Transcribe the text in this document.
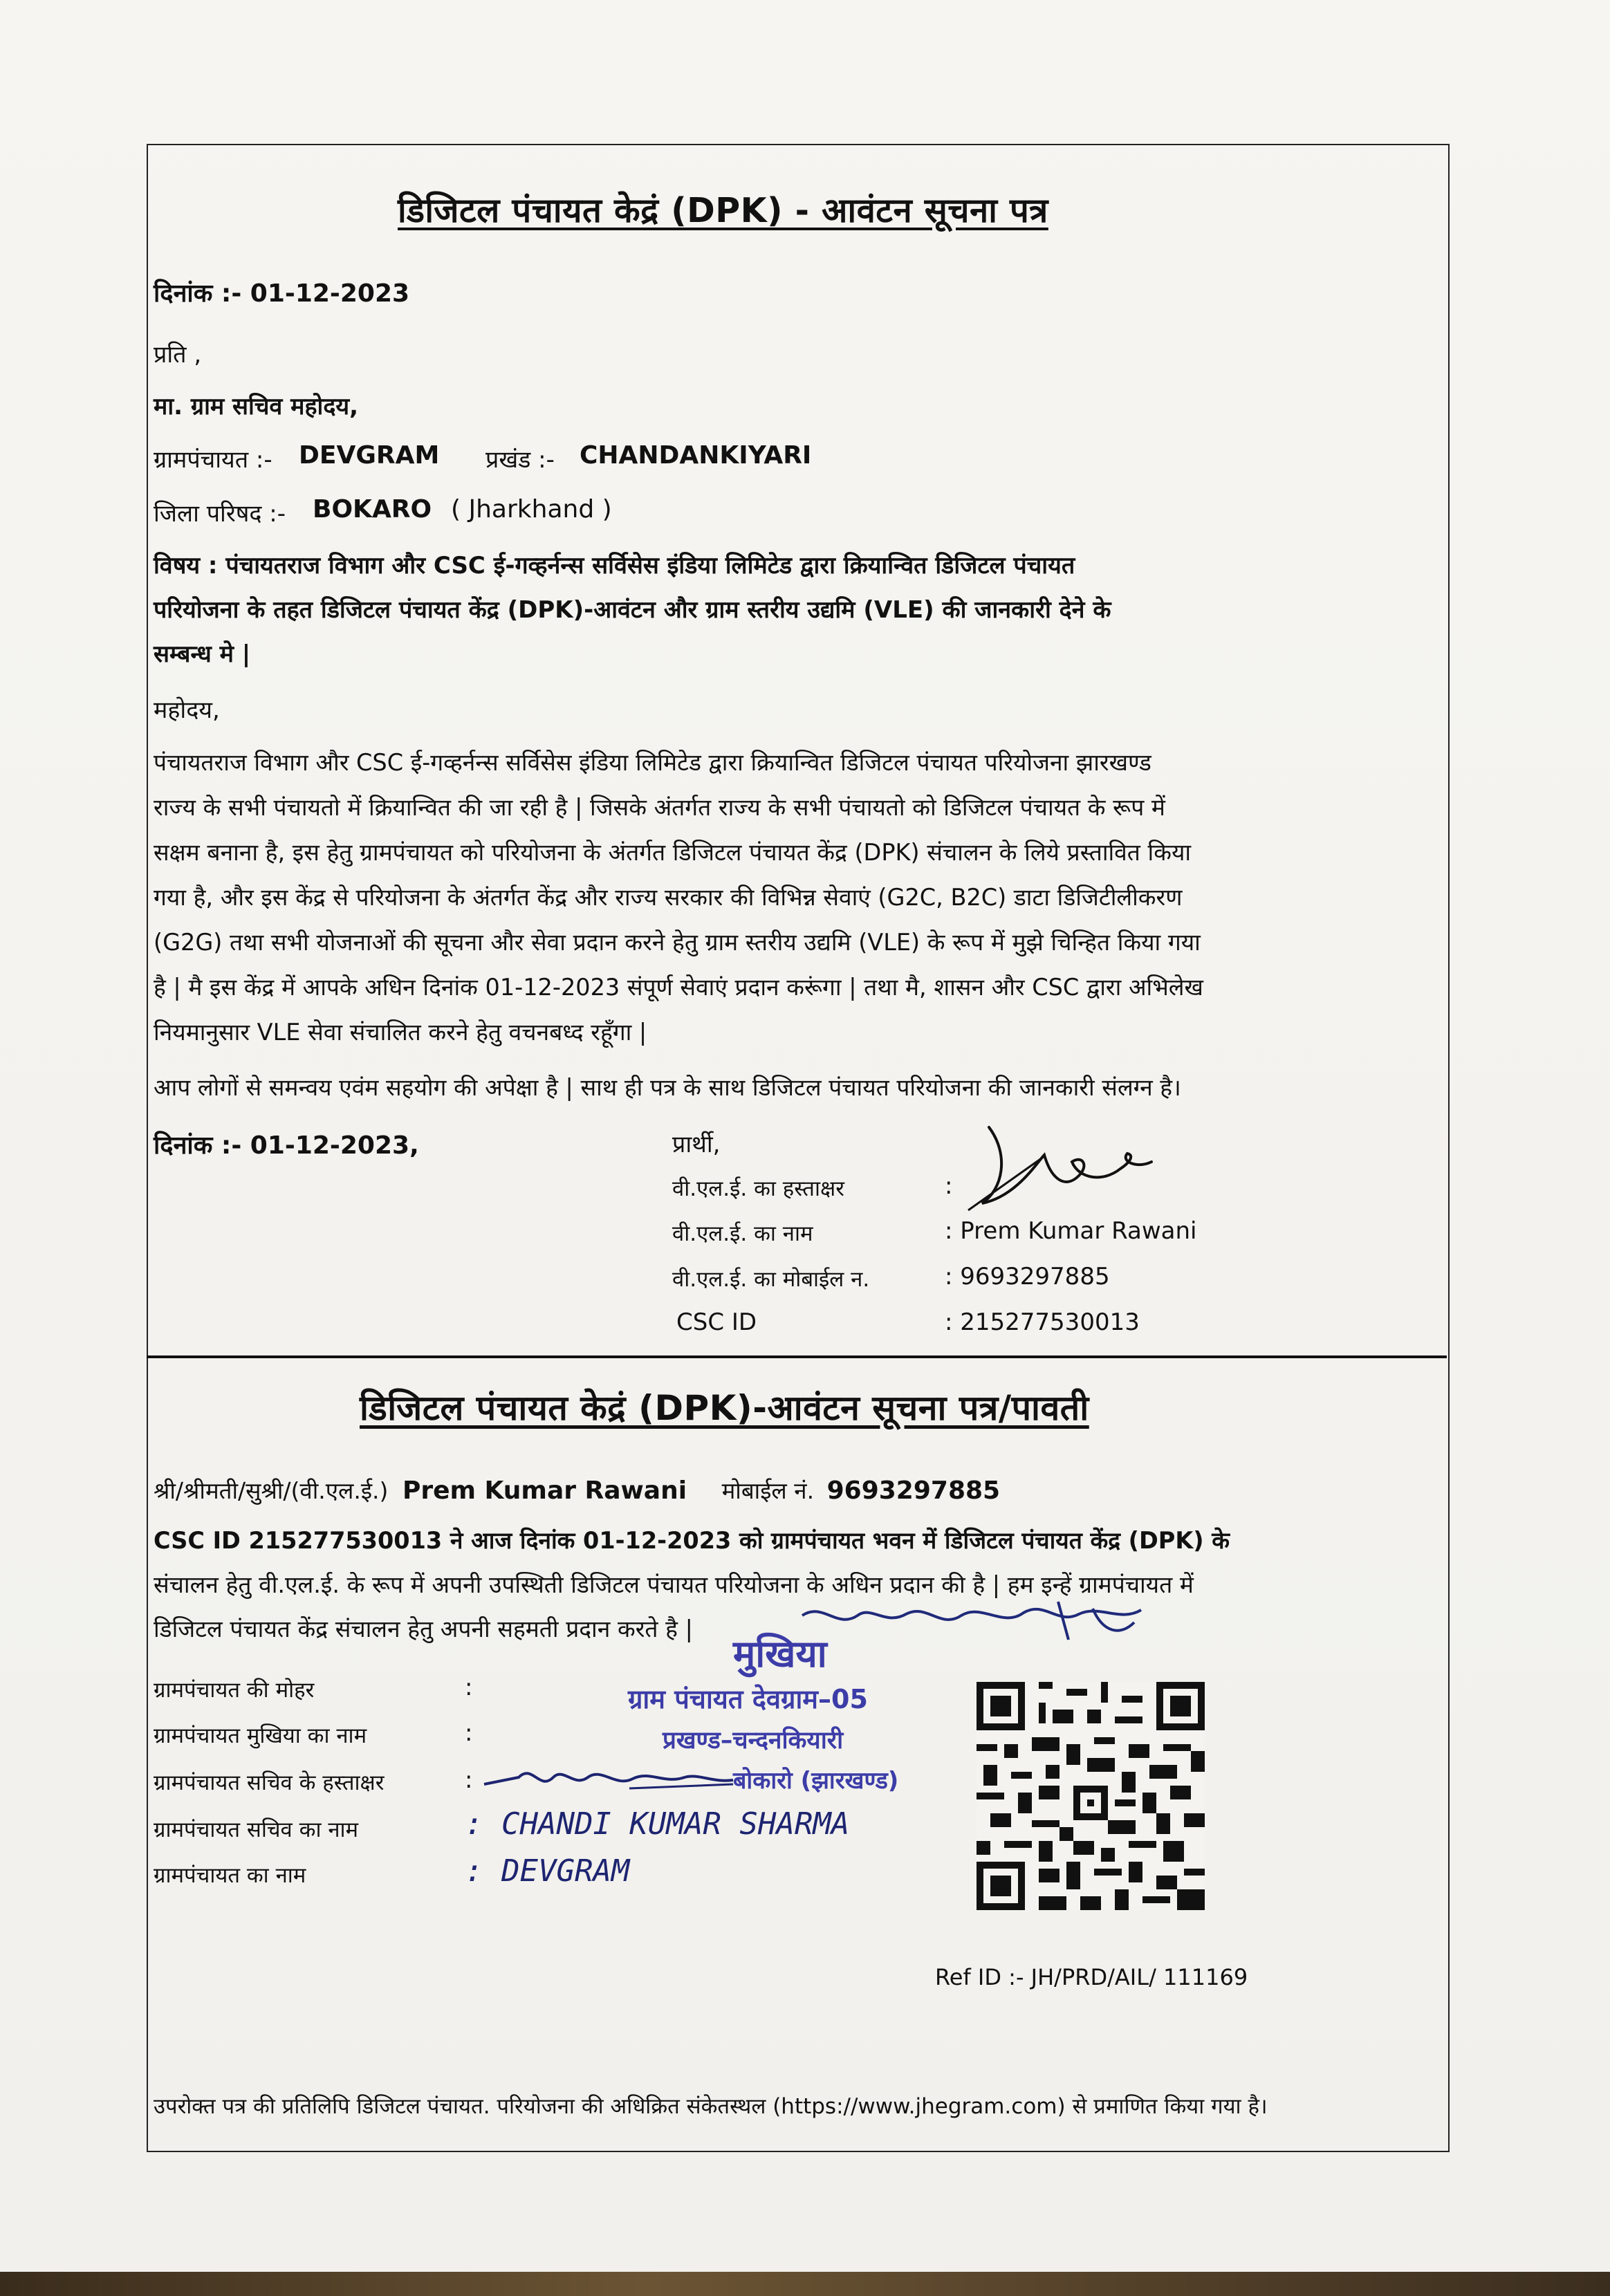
डिजिटल पंचायत केद्रं (DPK) - आवंटन सूचना पत्र
दिनांक :- 01-12-2023
प्रति ,
मा. ग्राम सचिव महोदय,
ग्रामपंचायत :- DEVGRAM प्रखंड :- CHANDANKIYARI
जिला परिषद :- BOKARO ( Jharkhand )
विषय : पंचायतराज विभाग और CSC ई-गव्हर्नन्स सर्विसेस इंडिया लिमिटेड द्वारा क्रियान्वित डिजिटल पंचायत
परियोजना के तहत डिजिटल पंचायत केंद्र (DPK)-आवंटन और ग्राम स्तरीय उद्यमि (VLE) की जानकारी देने के
सम्बन्ध मे |
महोदय,
पंचायतराज विभाग और CSC ई-गव्हर्नन्स सर्विसेस इंडिया लिमिटेड द्वारा क्रियान्वित डिजिटल पंचायत परियोजना झारखण्ड
राज्य के सभी पंचायतो में क्रियान्वित की जा रही है | जिसके अंतर्गत राज्य के सभी पंचायतो को डिजिटल पंचायत के रूप में
सक्षम बनाना है, इस हेतु ग्रामपंचायत को परियोजना के अंतर्गत डिजिटल पंचायत केंद्र (DPK) संचालन के लिये प्रस्तावित किया
गया है, और इस केंद्र से परियोजना के अंतर्गत केंद्र और राज्य सरकार की विभिन्न सेवाएं (G2C, B2C) डाटा डिजिटीलीकरण
(G2G) तथा सभी योजनाओं की सूचना और सेवा प्रदान करने हेतु ग्राम स्तरीय उद्यमि (VLE) के रूप में मुझे चिन्हित किया गया
है | मै इस केंद्र में आपके अधिन दिनांक 01-12-2023 संपूर्ण सेवाएं प्रदान करूंगा | तथा मै, शासन और CSC द्वारा अभिलेख
नियमानुसार VLE सेवा संचालित करने हेतु वचनबध्द रहूँगा |
आप लोगों से समन्वय एवंम सहयोग की अपेक्षा है | साथ ही पत्र के साथ डिजिटल पंचायत परियोजना की जानकारी संलग्न है।
दिनांक :- 01-12-2023,	प्रार्थी,
वी.एल.ई. का हस्ताक्षर	:
वी.एल.ई. का नाम	: Prem Kumar Rawani
वी.एल.ई. का मोबाईल न.	: 9693297885
CSC ID	: 215277530013
डिजिटल पंचायत केद्रं (DPK)-आवंटन सूचना पत्र/पावती
श्री/श्रीमती/सुश्री/(वी.एल.ई.) Prem Kumar Rawani मोबाईल नं. 9693297885
CSC ID 215277530013 ने आज दिनांक 01-12-2023 को ग्रामपंचायत भवन में डिजिटल पंचायत केंद्र (DPK) के
संचालन हेतु वी.एल.ई. के रूप में अपनी उपस्थिती डिजिटल पंचायत परियोजना के अधिन प्रदान की है | हम इन्हें ग्रामपंचायत में
डिजिटल पंचायत केंद्र संचालन हेतु अपनी सहमती प्रदान करते है |
ग्रामपंचायत की मोहर	:
ग्रामपंचायत मुखिया का नाम	:
ग्रामपंचायत सचिव के हस्ताक्षर	:
ग्रामपंचायत सचिव का नाम	: CHANDI KUMAR SHARMA
ग्रामपंचायत का नाम	: DEVGRAM
मुखिया
ग्राम पंचायत देवग्राम–05
प्रखण्ड–चन्दनकियारी
बोकारो (झारखण्ड)
Ref ID :- JH/PRD/AIL/ 111169
उपरोक्त पत्र की प्रतिलिपि डिजिटल पंचायत. परियोजना की अधिक्रित संकेतस्थल (https://www.jhegram.com) से प्रमाणित किया गया है।
